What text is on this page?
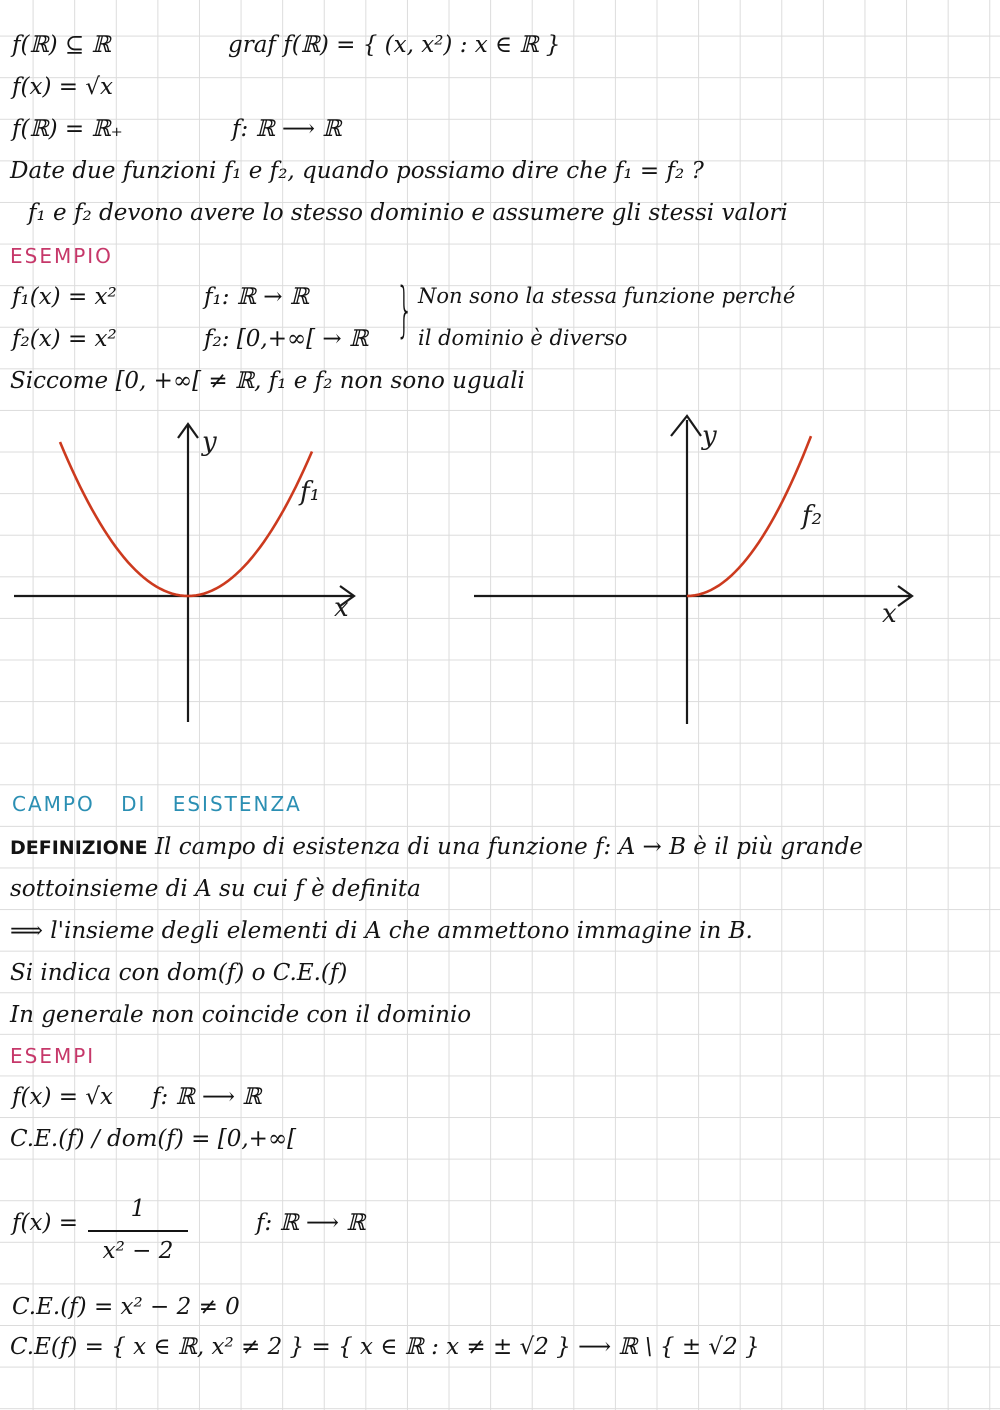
f(ℝ) ⊆ ℝ	graf f(ℝ) = { (x, x²) : x ∈ ℝ }
f(x) = √x
f(ℝ) = ℝ₊	f: ℝ ⟶ ℝ
Date due funzioni f₁ e f₂, quando possiamo dire che f₁ = f₂ ?
f₁ e f₂ devono avere lo stesso dominio e assumere gli stessi valori
ESEMPIO
f₁(x) = x²	f₁: ℝ → ℝ
f₂(x) = x²	f₂: [0,+∞[ → ℝ } Non sono la stessa funzione perché
il dominio è diverso
Siccome [0, +∞[ ≠ ℝ, f₁ e f₂ non sono uguali
y
x
f₁
y
x
f₂
CAMPO DI ESISTENZA
DEFINIZIONE Il campo di esistenza di una funzione f: A → B è il più grande
sottoinsieme di A su cui f è definita
⟹ l'insieme degli elementi di A che ammettono immagine in B.
Si indica con dom(f) o C.E.(f)
In generale non coincide con il dominio
ESEMPI
f(x) = √x f: ℝ ⟶ ℝ
C.E.(f) / dom(f) = [0,+∞[
f(x) =
1
x² − 2
f: ℝ ⟶ ℝ
C.E.(f) = x² − 2 ≠ 0
C.E(f) = { x ∈ ℝ, x² ≠ 2 } = { x ∈ ℝ : x ≠ ± √2 } ⟶ ℝ \ { ± √2 }
